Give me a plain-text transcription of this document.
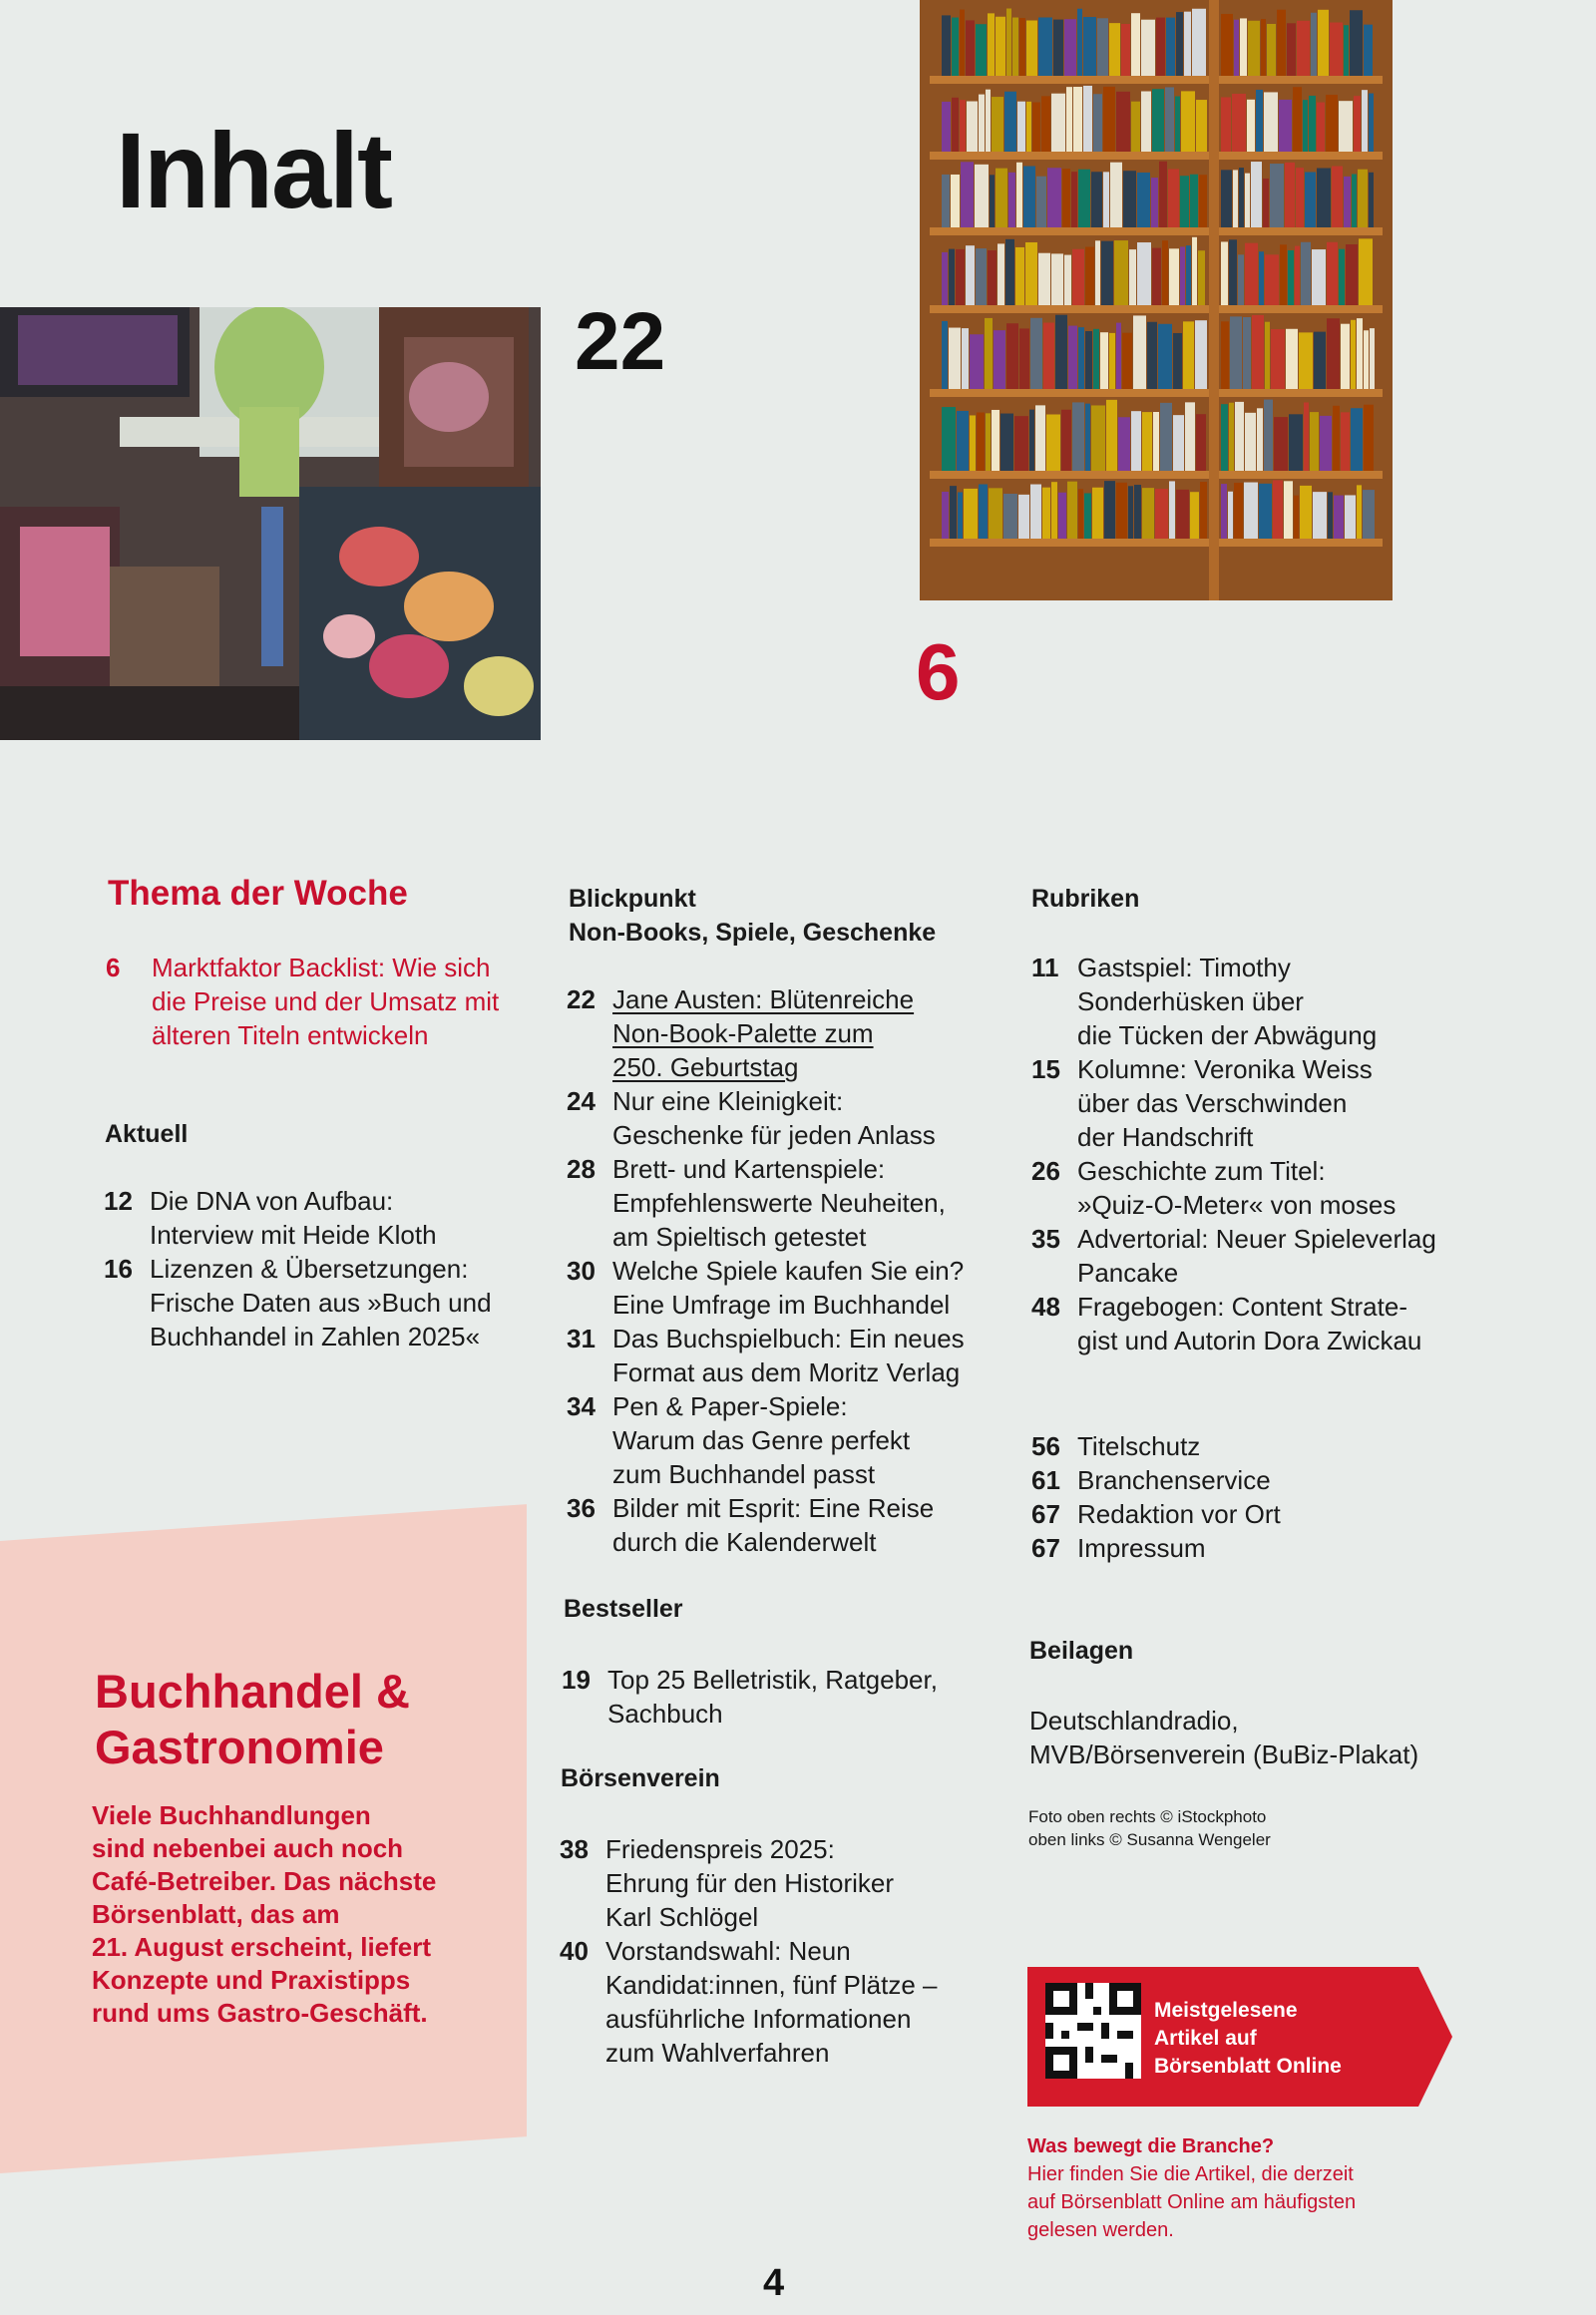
Inhalt
22
6
Thema der Woche
6 Marktfaktor Backlist: Wie sich
die Preise und der Umsatz mit
älteren Titeln entwickeln
Aktuell
12 Die DNA von Aufbau:
Interview mit Heide Kloth
16 Lizenzen & Übersetzungen:
Frische Daten aus »Buch und
Buchhandel in Zahlen 2025«
Buchhandel &
Gastronomie
Viele Buchhandlungen
sind nebenbei auch noch
Café-Betreiber. Das nächste
Börsenblatt, das am
21. August erscheint, liefert
Konzepte und Praxistipps
rund ums Gastro-Geschäft.
Blickpunkt
Non-Books, Spiele, Geschenke
22 Jane Austen: Blütenreiche
Non-Book-Palette zum
250. Geburtstag
24 Nur eine Kleinigkeit:
Geschenke für jeden Anlass
28 Brett- und Kartenspiele:
Empfehlenswerte Neuheiten,
am Spieltisch getestet
30 Welche Spiele kaufen Sie ein?
Eine Umfrage im Buchhandel
31 Das Buchspielbuch: Ein neues
Format aus dem Moritz Verlag
34 Pen & Paper-Spiele:
Warum das Genre perfekt
zum Buchhandel passt
36 Bilder mit Esprit: Eine Reise
durch die Kalenderwelt
Bestseller
19 Top 25 Belletristik, Ratgeber,
Sachbuch
Börsenverein
38 Friedenspreis 2025:
Ehrung für den Historiker
Karl Schlögel
40 Vorstandswahl: Neun
Kandidat:innen, fünf Plätze –
ausführliche Informationen
zum Wahlverfahren
Rubriken
11 Gastspiel: Timothy
Sonderhüsken über
die Tücken der Abwägung
15 Kolumne: Veronika Weiss
über das Verschwinden
der Handschrift
26 Geschichte zum Titel:
»Quiz-O-Meter« von moses
35 Advertorial: Neuer Spieleverlag
Pancake
48 Fragebogen: Content Strate-
gist und Autorin Dora Zwickau
56 Titelschutz
61 Branchenservice
67 Redaktion vor Ort
67 Impressum
Beilagen
Deutschlandradio,
MVB/Börsenverein (BuBiz-Plakat)
Foto oben rechts © iStockphoto
oben links © Susanna Wengeler
Meistgelesene
Artikel auf
Börsenblatt Online
Was bewegt die Branche?
Hier finden Sie die Artikel, die derzeit
auf Börsenblatt Online am häufigsten
gelesen werden.
4
